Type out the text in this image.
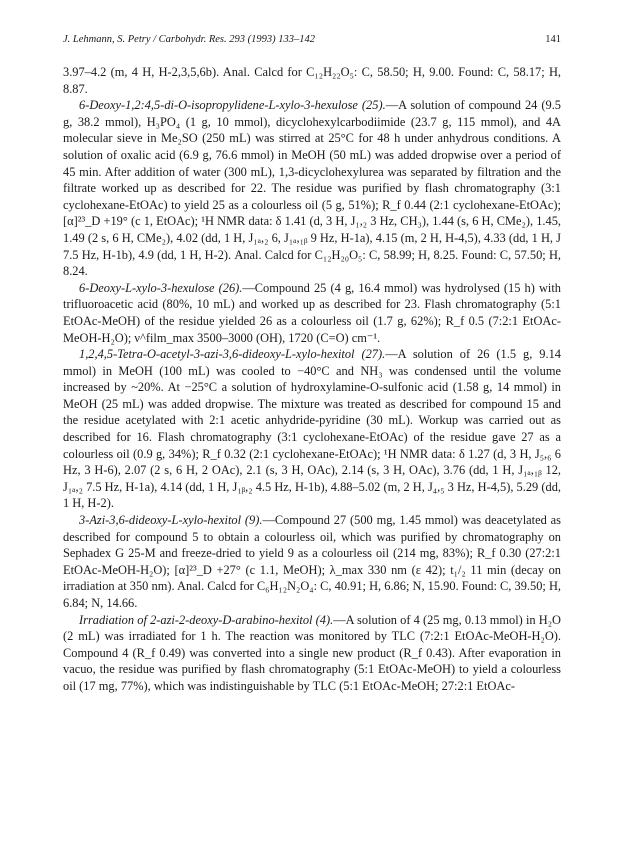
J. Lehmann, S. Petry / Carbohydr. Res. 293 (1993) 133–142	141

3.97–4.2 (m, 4 H, H-2,3,5,6b). Anal. Calcd for C₁₂H₂₂O₅: C, 58.50; H, 9.00. Found: C, 58.17; H, 8.87.

6-Deoxy-1,2:4,5-di-O-isopropylidene-L-xylo-3-hexulose (25).—A solution of compound 24 (9.5 g, 38.2 mmol), H₃PO₄ (1 g, 10 mmol), dicyclohexylcarbodiimide (23.7 g, 115 mmol), and 4A molecular sieve in Me₂SO (250 mL) was stirred at 25°C for 48 h under anhydrous conditions. A solution of oxalic acid (6.9 g, 76.6 mmol) in MeOH (50 mL) was added dropwise over a period of 45 min. After addition of water (300 mL), 1,3-dicyclohexylurea was separated by filtration and the filtrate worked up as described for 22. The residue was purified by flash chromatography (3:1 cyclohexane-EtOAc) to yield 25 as a colourless oil (5 g, 51%); R_f 0.44 (2:1 cyclohexane-EtOAc); [α]²³_D +19° (c 1, EtOAc); ¹H NMR data: δ 1.41 (d, 3 H, J₁,₂ 3 Hz, CH₃), 1.44 (s, 6 H, CMe₂), 1.45, 1.49 (2 s, 6 H, CMe₂), 4.02 (dd, 1 H, J₁ₐ,₂ 6, J₁ₐ,₁ᵦ 9 Hz, H-1a), 4.15 (m, 2 H, H-4,5), 4.33 (dd, 1 H, J 7.5 Hz, H-1b), 4.9 (dd, 1 H, H-2). Anal. Calcd for C₁₂H₂₀O₅: C, 58.99; H, 8.25. Found: C, 57.50; H, 8.24.

6-Deoxy-L-xylo-3-hexulose (26).—Compound 25 (4 g, 16.4 mmol) was hydrolysed (15 h) with trifluoroacetic acid (80%, 10 mL) and worked up as described for 23. Flash chromatography (5:1 EtOAc-MeOH) of the residue yielded 26 as a colourless oil (1.7 g, 62%); R_f 0.5 (7:2:1 EtOAc-MeOH-H₂O); ν^film_max 3500–3000 (OH), 1720 (C=O) cm⁻¹.

1,2,4,5-Tetra-O-acetyl-3-azi-3,6-dideoxy-L-xylo-hexitol (27).—A solution of 26 (1.5 g, 9.14 mmol) in MeOH (100 mL) was cooled to −40°C and NH₃ was condensed until the volume increased by ~20%. At −25°C a solution of hydroxylamine-O-sulfonic acid (1.58 g, 14 mmol) in MeOH (25 mL) was added dropwise. The mixture was treated as described for compound 15 and the residue acetylated with 2:1 acetic anhydride-pyridine (30 mL). Workup was carried out as described for 16. Flash chromatography (3:1 cyclohexane-EtOAc) of the residue gave 27 as a colourless oil (0.9 g, 34%); R_f 0.32 (2:1 cyclohexane-EtOAc); ¹H NMR data: δ 1.27 (d, 3 H, J₅,₆ 6 Hz, 3 H-6), 2.07 (2 s, 6 H, 2 OAc), 2.1 (s, 3 H, OAc), 2.14 (s, 3 H, OAc), 3.76 (dd, 1 H, J₁ₐ,₁ᵦ 12, J₁ₐ,₂ 7.5 Hz, H-1a), 4.14 (dd, 1 H, J₁ᵦ,₂ 4.5 Hz, H-1b), 4.88–5.02 (m, 2 H, J₄,₅ 3 Hz, H-4,5), 5.29 (dd, 1 H, H-2).

3-Azi-3,6-dideoxy-L-xylo-hexitol (9).—Compound 27 (500 mg, 1.45 mmol) was deacetylated as described for compound 5 to obtain a colourless oil, which was purified by chromatography on Sephadex G 25-M and freeze-dried to yield 9 as a colourless oil (214 mg, 83%); R_f 0.30 (27:2:1 EtOAc-MeOH-H₂O); [α]²³_D +27° (c 1.1, MeOH); λ_max 330 nm (ε 42); t₁/₂ 11 min (decay on irradiation at 350 nm). Anal. Calcd for C₆H₁₂N₂O₄: C, 40.91; H, 6.86; N, 15.90. Found: C, 39.50; H, 6.84; N, 14.66.

Irradiation of 2-azi-2-deoxy-D-arabino-hexitol (4).—A solution of 4 (25 mg, 0.13 mmol) in H₂O (2 mL) was irradiated for 1 h. The reaction was monitored by TLC (7:2:1 EtOAc-MeOH-H₂O). Compound 4 (R_f 0.49) was converted into a single new product (R_f 0.43). After evaporation in vacuo, the residue was purified by flash chromatography (5:1 EtOAc-MeOH) to yield a colourless oil (17 mg, 77%), which was indistinguishable by TLC (5:1 EtOAc-MeOH; 27:2:1 EtOAc-
